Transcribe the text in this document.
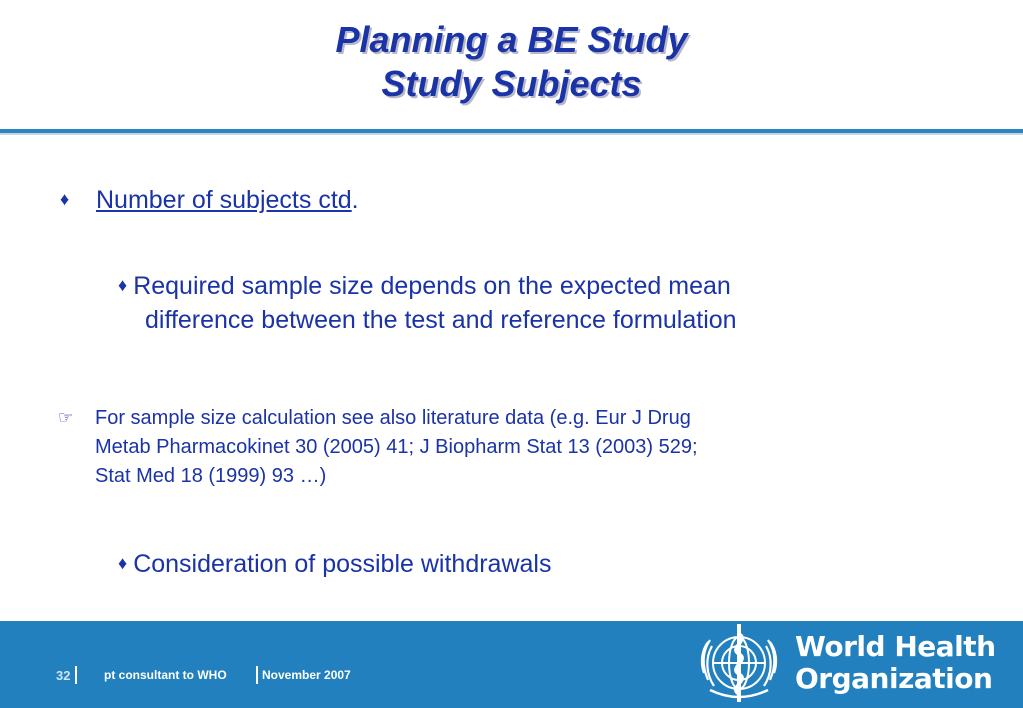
Planning a BE Study
Study Subjects
♦ Number of subjects ctd.
♦ Required sample size depends on the expected mean
difference between the test and reference formulation
☞	For sample size calculation see also literature data (e.g. Eur J Drug
Metab Pharmacokinet 30 (2005) 41; J Biopharm Stat 13 (2003) 529;
Stat Med 18 (1999) 93 …)
♦ Consideration of possible withdrawals
32	pt consultant to WHO	November 2007
World Health
Organization
